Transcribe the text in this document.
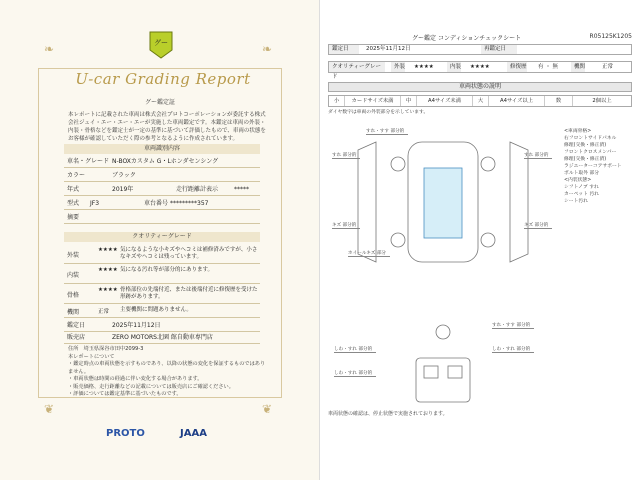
❧	❧
❦	❦
グー
U-car Grading Report
グー鑑定証
本レポートに記載された車両は株式会社プロトコーポレーションが委託する株式会社ジェイ・エー・エー・エーが実施した車両鑑定です。本鑑定は車両の外装・内装・骨格などを鑑定士が一定の基準に基づいて評価したもので、車両の状態をお客様が確認していただく際の参考となるように作成されています。
車両識別内容
車名・グレード N-BOXカスタム G・Lホンダセンシング
カラー	ブラック
年式	2019年	走行距離計表示	*****
型式 JF3	車台番号 *********357
摘要
クオリティーグレード
外装
★★★★ 気になるような小キズやヘコミは補修済みですが、小さなキズやヘコミは残っています。
内装
★★★★ 気になる汚れ等が部分的にあります。
骨格
★★★★ 骨格部位の先端付近、または後端付近に修復歴を受けた形跡があります。
機関	正常 主要機関に問題ありません。
鑑定日	2025年11月12日
販売店	ZERO MOTORS北園 館自動車専門店
住所　 埼玉県深谷市田中2099-3
本レポートについて
・鑑定時点の車両状態を示すものであり、以降の状態の変化を保証するものではありません。
・車両状態は時間の経過に伴い変化する場合があります。
・販売価格、走行距離などの記載については販売店にご確認ください。
・評価については鑑定基準に基づいたものです。
PROTO	JAAA
グー鑑定 コンディションチェックシート	R05125K1205
鑑定日	2025年11月12日	再鑑定日
クオリティーグレード
外装	★★★★	内装	★★★★	修復歴	有 ・ 無	機関	正常
車両状態の説明
小	カードサイズ未満	中	A4サイズ未満	大	A4サイズ以上	数	2個以上
ダイヤ数字は車両の外装部分を示しています。
すれ・すす 部分的
すれ 部分的	すれ 部分的
キズ 部分的	キズ 部分的
ホイールキズ 部分
すれ・すす 部分的
しわ・すれ 部分的	しわ・すれ 部分的
しわ・すれ 部分的
<車両骨格>
右フロントサイドパネル
修理(交換・修正済)
フロントクロスメンバー
修理(交換・修正済)
ラジエーターコアサポート
ボルト取外 部分
<内装状態>
シフトノブ すれ
カーペット 汚れ
シート汚れ
車両状態の確認は、停止状態で実施されております。
